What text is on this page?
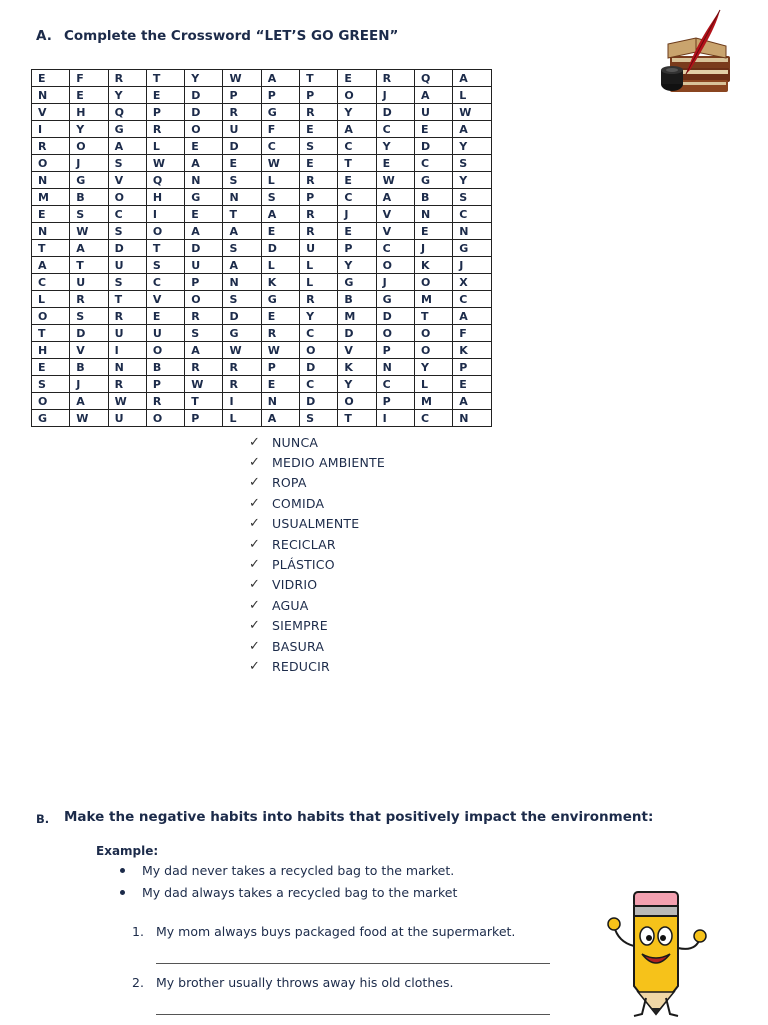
A. Complete the Crossword “LET’S GO GREEN”
E	F	R	T	Y	W	A	T	E	R	Q	A
N	E	Y	E	D	P	P	P	O	J	A	L
V	H	Q	P	D	R	G	R	Y	D	U	W
I	Y	G	R	O	U	F	E	A	C	E	A
R	O	A	L	E	D	C	S	C	Y	D	Y
O	J	S	W	A	E	W	E	T	E	C	S
N	G	V	Q	N	S	L	R	E	W	G	Y
M	B	O	H	G	N	S	P	C	A	B	S
E	S	C	I	E	T	A	R	J	V	N	C
N	W	S	O	A	A	E	R	E	V	E	N
T	A	D	T	D	S	D	U	P	C	J	G
A	T	U	S	U	A	L	L	Y	O	K	J
C	U	S	C	P	N	K	L	G	J	O	X
L	R	T	V	O	S	G	R	B	G	M	C
O	S	R	E	R	D	E	Y	M	D	T	A
T	D	U	U	S	G	R	C	D	O	O	F
H	V	I	O	A	W	W	O	V	P	O	K
E	B	N	B	R	R	P	D	K	N	Y	P
S	J	R	P	W	R	E	C	Y	C	L	E
O	A	W	R	T	I	N	D	O	P	M	A
G	W	U	O	P	L	A	S	T	I	C	N
✓ NUNCA
✓ MEDIO AMBIENTE
✓ ROPA
✓ COMIDA
✓ USUALMENTE
✓ RECICLAR
✓ PLÁSTICO
✓ VIDRIO
✓ AGUA
✓ SIEMPRE
✓ BASURA
✓ REDUCIR
B. Make the negative habits into habits that positively impact the environment:
Example:
My dad never takes a recycled bag to the market.
My dad always takes a recycled bag to the market
1. My mom always buys packaged food at the supermarket.
2. My brother usually throws away his old clothes.
